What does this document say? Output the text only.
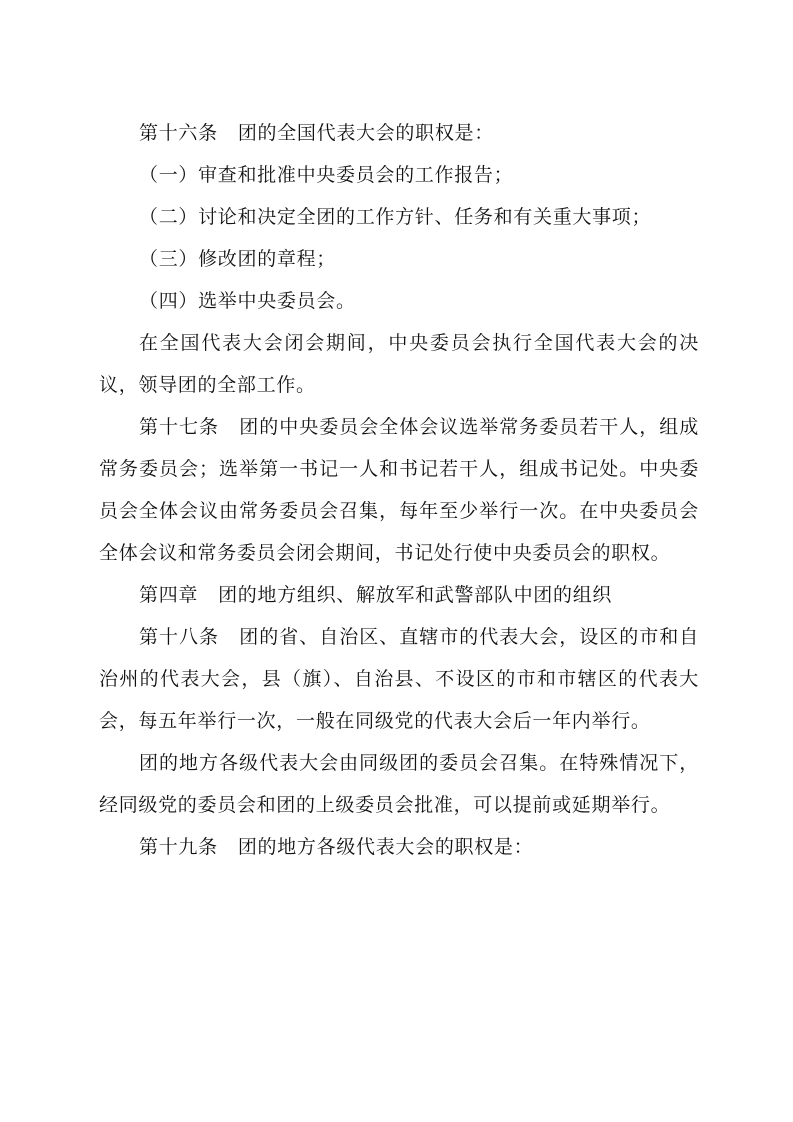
第十六条 团的全国代表大会的职权是：

（一）审查和批准中央委员会的工作报告；

（二）讨论和决定全团的工作方针、任务和有关重大事项；

（三）修改团的章程；

（四）选举中央委员会。

在全国代表大会闭会期间，中央委员会执行全国代表大会的决议，领导团的全部工作。

第十七条 团的中央委员会全体会议选举常务委员若干人，组成常务委员会；选举第一书记一人和书记若干人，组成书记处。中央委员会全体会议由常务委员会召集，每年至少举行一次。在中央委员会全体会议和常务委员会闭会期间，书记处行使中央委员会的职权。

第四章 团的地方组织、解放军和武警部队中团的组织

第十八条 团的省、自治区、直辖市的代表大会，设区的市和自治州的代表大会，县（旗）、自治县、不设区的市和市辖区的代表大会，每五年举行一次，一般在同级党的代表大会后一年内举行。

团的地方各级代表大会由同级团的委员会召集。在特殊情况下，经同级党的委员会和团的上级委员会批准，可以提前或延期举行。

第十九条 团的地方各级代表大会的职权是：
